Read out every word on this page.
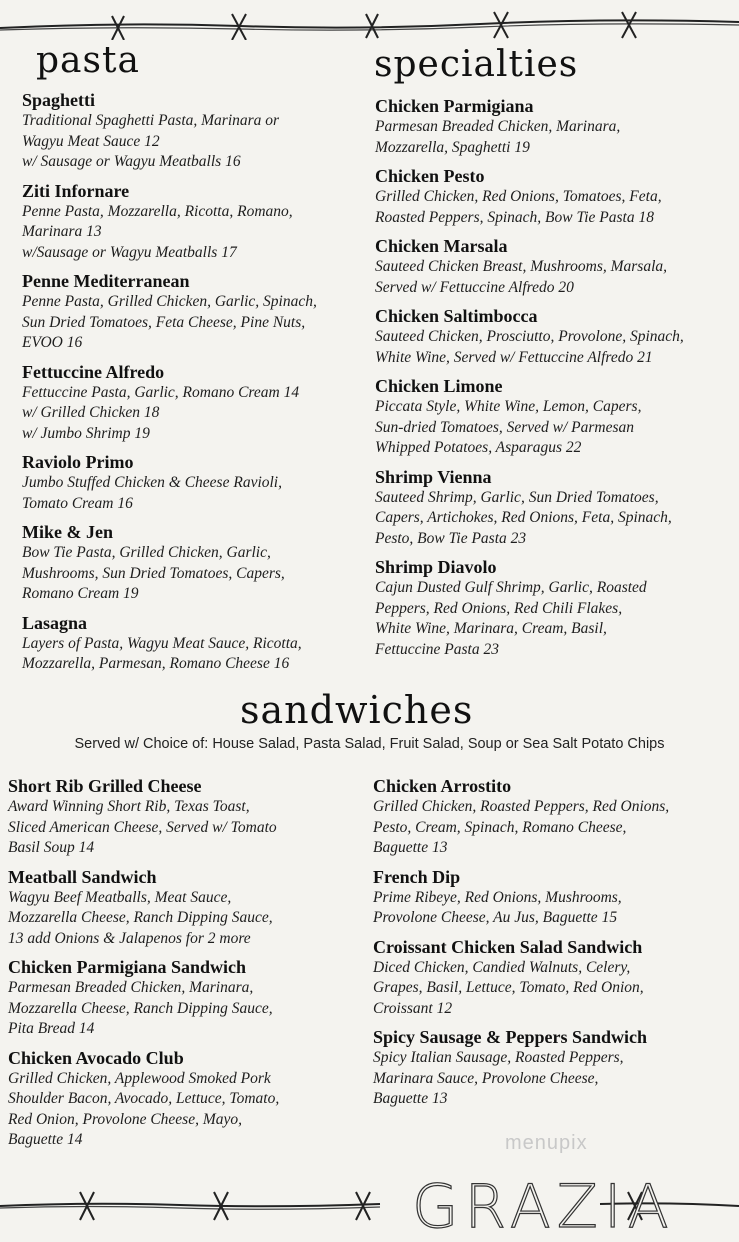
pasta	specialties
sandwiches
Spaghetti
Traditional Spaghetti Pasta, Marinara or
Wagyu Meat Sauce 12
w/ Sausage or Wagyu Meatballs 16
Ziti Infornare
Penne Pasta, Mozzarella, Ricotta, Romano,
Marinara 13
w/Sausage or Wagyu Meatballs 17
Penne Mediterranean
Penne Pasta, Grilled Chicken, Garlic, Spinach,
Sun Dried Tomatoes, Feta Cheese, Pine Nuts,
EVOO 16
Fettuccine Alfredo
Fettuccine Pasta, Garlic, Romano Cream 14
w/ Grilled Chicken 18
w/ Jumbo Shrimp 19
Raviolo Primo
Jumbo Stuffed Chicken & Cheese Ravioli,
Tomato Cream 16
Mike & Jen
Bow Tie Pasta, Grilled Chicken, Garlic,
Mushrooms, Sun Dried Tomatoes, Capers,
Romano Cream 19
Lasagna
Layers of Pasta, Wagyu Meat Sauce, Ricotta,
Mozzarella, Parmesan, Romano Cheese 16
Chicken Parmigiana
Parmesan Breaded Chicken, Marinara,
Mozzarella, Spaghetti 19
Chicken Pesto
Grilled Chicken, Red Onions, Tomatoes, Feta,
Roasted Peppers, Spinach, Bow Tie Pasta 18
Chicken Marsala
Sauteed Chicken Breast, Mushrooms, Marsala,
Served w/ Fettuccine Alfredo 20
Chicken Saltimbocca
Sauteed Chicken, Prosciutto, Provolone, Spinach,
White Wine, Served w/ Fettuccine Alfredo 21
Chicken Limone
Piccata Style, White Wine, Lemon, Capers,
Sun-dried Tomatoes, Served w/ Parmesan
Whipped Potatoes, Asparagus 22
Shrimp Vienna
Sauteed Shrimp, Garlic, Sun Dried Tomatoes,
Capers, Artichokes, Red Onions, Feta, Spinach,
Pesto, Bow Tie Pasta 23
Shrimp Diavolo
Cajun Dusted Gulf Shrimp, Garlic, Roasted
Peppers, Red Onions, Red Chili Flakes,
White Wine, Marinara, Cream, Basil,
Fettuccine Pasta 23
Served w/ Choice of: House Salad, Pasta Salad, Fruit Salad, Soup or Sea Salt Potato Chips
Short Rib Grilled Cheese
Award Winning Short Rib, Texas Toast,
Sliced American Cheese, Served w/ Tomato
Basil Soup 14
Meatball Sandwich
Wagyu Beef Meatballs, Meat Sauce,
Mozzarella Cheese, Ranch Dipping Sauce,
13 add Onions & Jalapenos for 2 more
Chicken Parmigiana Sandwich
Parmesan Breaded Chicken, Marinara,
Mozzarella Cheese, Ranch Dipping Sauce,
Pita Bread 14
Chicken Avocado Club
Grilled Chicken, Applewood Smoked Pork
Shoulder Bacon, Avocado, Lettuce, Tomato,
Red Onion, Provolone Cheese, Mayo,
Baguette 14
Chicken Arrostito
Grilled Chicken, Roasted Peppers, Red Onions,
Pesto, Cream, Spinach, Romano Cheese,
Baguette 13
French Dip
Prime Ribeye, Red Onions, Mushrooms,
Provolone Cheese, Au Jus, Baguette 15
Croissant Chicken Salad Sandwich
Diced Chicken, Candied Walnuts, Celery,
Grapes, Basil, Lettuce, Tomato, Red Onion,
Croissant 12
Spicy Sausage & Peppers Sandwich
Spicy Italian Sausage, Roasted Peppers,
Marinara Sauce, Provolone Cheese,
Baguette 13
menupix
GRAZIA
